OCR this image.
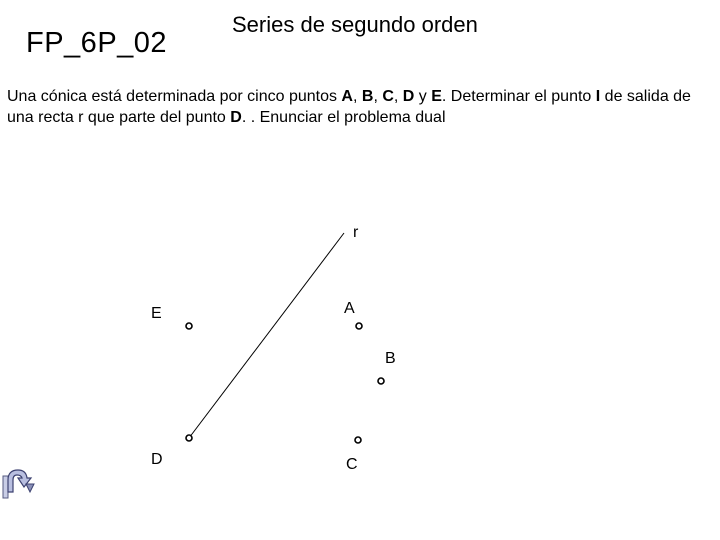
FP_6P_02
Series de segundo orden
Una cónica está determinada por cinco puntos A, B, C, D y E. Determinar el punto I de salida de una recta r que parte del punto D. . Enunciar el problema dual
r
E	A
B
D	C
